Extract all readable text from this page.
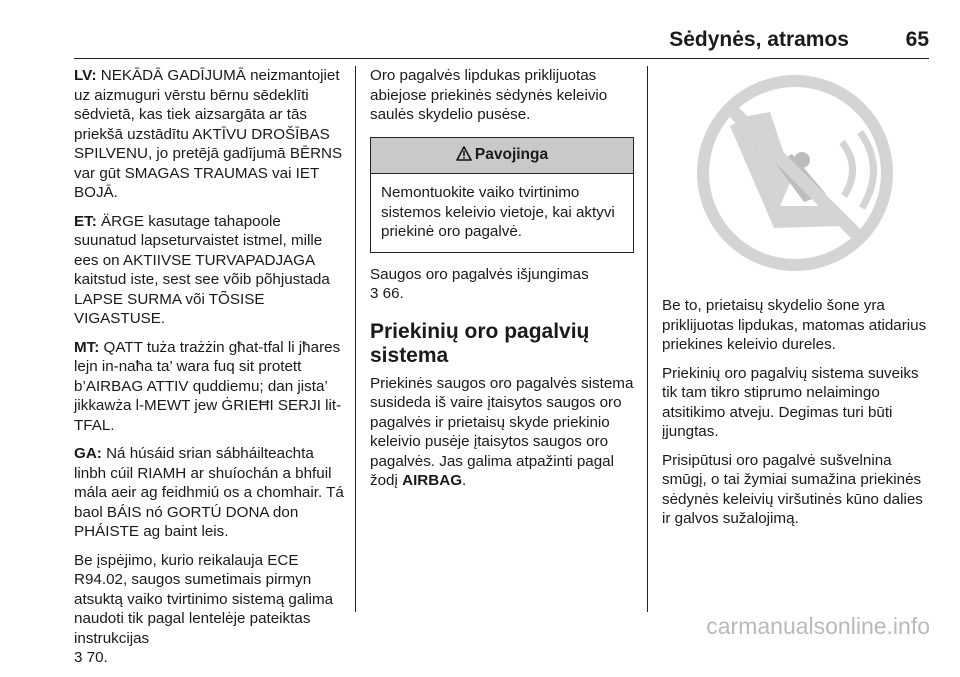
Sėdynės, atramos	65

LV: NEKĀDĀ GADĪJUMĀ neizmantojiet uz aizmuguri vērstu bērnu sēdeklīti sēdvietā, kas tiek aizsargāta ar tās priekšā uzstādītu AKTĪVU DROŠĪBAS SPILVENU, jo pretējā gadījumā BĒRNS var gūt SMAGAS TRAUMAS vai IET BOJĀ.

ET: ÄRGE kasutage tahapoole suunatud lapseturvaistet istmel, mille ees on AKTIIVSE TURVAPADJAGA kaitstud iste, sest see võib põhjustada LAPSE SURMA või TÕSISE VIGASTUSE.

MT: QATT tuża trażżin għat-tfal li jħares lejn in-naħa ta’ wara fuq sit protett b’AIRBAG ATTIV quddiemu; dan jista’ jikkawża l-MEWT jew ĠRIEĦI SERJI lit-TFAL.

GA: Ná húsáid srian sábháilteachta linbh cúil RIAMH ar shuíochán a bhfuil mála aeir ag feidhmiú os a chomhair. Tá baol BÁIS nó GORTÚ DONA don PHÁISTE ag baint leis.

Be įspėjimo, kurio reikalauja ECE R94.02, saugos sumetimais pirmyn atsuktą vaiko tvirtinimo sistemą galima naudoti tik pagal lentelėje pateiktas instrukcijas
3 70.

Oro pagalvės lipdukas priklijuotas abiejose priekinės sėdynės keleivio saulės skydelio pusėse.

Pavojinga
Nemontuokite vaiko tvirtinimo sistemos keleivio vietoje, kai aktyvi priekinė oro pagalvė.

Saugos oro pagalvės išjungimas
3 66.

Priekinių oro pagalvių sistema

Priekinės saugos oro pagalvės sistema susideda iš vaire įtaisytos saugos oro pagalvės ir prietaisų skyde priekinio keleivio pusėje įtaisytos saugos oro pagalvės. Jas galima atpažinti pagal žodį AIRBAG.

Be to, prietaisų skydelio šone yra priklijuotas lipdukas, matomas atidarius priekines keleivio dureles.

Priekinių oro pagalvių sistema suveiks tik tam tikro stiprumo nelaimingo atsitikimo atveju. Degimas turi būti įjungtas.

Prisipūtusi oro pagalvė sušvelnina smūgį, o tai žymiai sumažina priekinės sėdynės keleivių viršutinės kūno dalies ir galvos sužalojimą.

carmanualsonline.info
